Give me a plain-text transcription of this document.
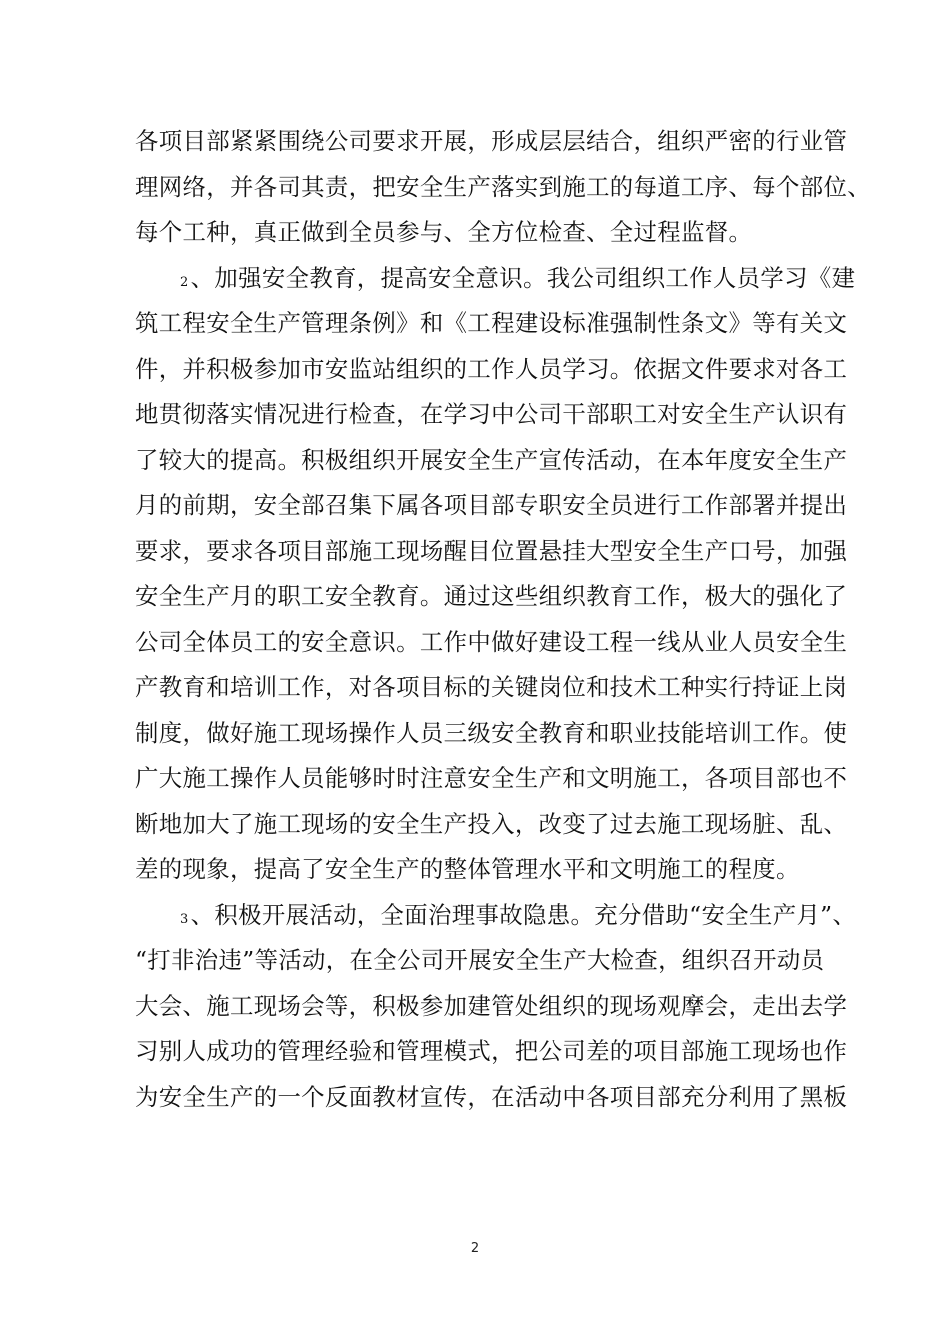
各项目部紧紧围绕公司要求开展，形成层层结合，组织严密的行业管
理网络，并各司其责，把安全生产落实到施工的每道工序、每个部位、
每个工种，真正做到全员参与、全方位检查、全过程监督。
2、加强安全教育，提高安全意识。我公司组织工作人员学习《建
筑工程安全生产管理条例》和《工程建设标准强制性条文》等有关文
件，并积极参加市安监站组织的工作人员学习。依据文件要求对各工
地贯彻落实情况进行检查，在学习中公司干部职工对安全生产认识有
了较大的提高。积极组织开展安全生产宣传活动，在本年度安全生产
月的前期，安全部召集下属各项目部专职安全员进行工作部署并提出
要求，要求各项目部施工现场醒目位置悬挂大型安全生产口号，加强
安全生产月的职工安全教育。通过这些组织教育工作，极大的强化了
公司全体员工的安全意识。工作中做好建设工程一线从业人员安全生
产教育和培训工作，对各项目标的关键岗位和技术工种实行持证上岗
制度，做好施工现场操作人员三级安全教育和职业技能培训工作。使
广大施工操作人员能够时时注意安全生产和文明施工，各项目部也不
断地加大了施工现场的安全生产投入，改变了过去施工现场脏、乱、
差的现象，提高了安全生产的整体管理水平和文明施工的程度。
3、积极开展活动，全面治理事故隐患。充分借助“安全生产月”、
“打非治违”等活动，在全公司开展安全生产大检查，组织召开动员
大会、施工现场会等，积极参加建管处组织的现场观摩会，走出去学
习别人成功的管理经验和管理模式，把公司差的项目部施工现场也作
为安全生产的一个反面教材宣传，在活动中各项目部充分利用了黑板
2
